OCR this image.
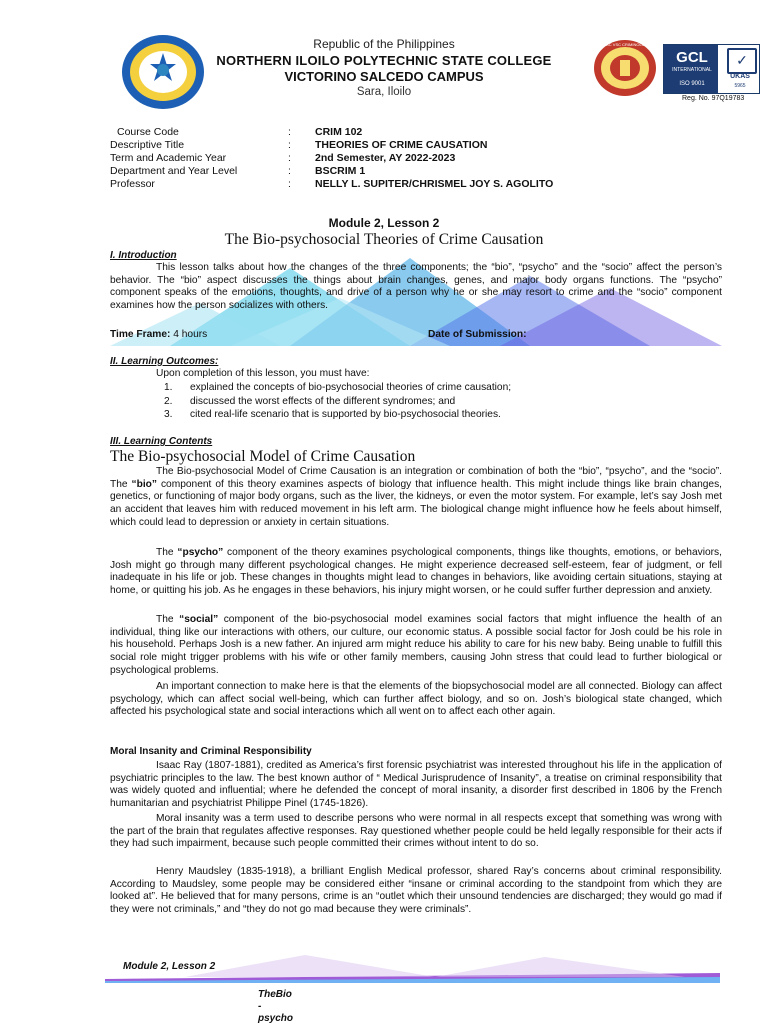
NIPSC VSC CRIMINOLOGY
GCL
INTERNATIONAL
ISO 9001
✓
UKAS
5965
Reg. No. 97Q19783
Republic of the Philippines
NORTHERN ILOILO POLYTECHNIC STATE COLLEGE
VICTORINO SALCEDO CAMPUS
Sara, Iloilo
Course Code	: CRIM 102
Descriptive Title	: THEORIES OF CRIME CAUSATION
Term and Academic Year	: 2nd Semester, AY 2022-2023
Department and Year Level	: BSCRIM 1
Professor	: NELLY L. SUPITER/CHRISMEL JOY S. AGOLITO
Module 2, Lesson 2
The Bio-psychosocial Theories of Crime Causation
I. Introduction
This lesson talks about how the changes of the three components; the “bio”, “psycho” and the “socio” affect the person’s behavior. The “bio” aspect discusses the things about brain changes, genes, and major body organs functions. The “psycho” component speaks of the emotions, thoughts, and drive of a person why he or she may resort to crime and the “socio” component examines how the person socializes with others.
Time Frame: 4 hours	Date of Submission:
II. Learning Outcomes:
Upon completion of this lesson, you must have:
1. explained the concepts of bio-psychosocial theories of crime causation;
2. discussed the worst effects of the different syndromes; and
3. cited real-life scenario that is supported by bio-psychosocial theories.
III. Learning Contents
The Bio-psychosocial Model of Crime Causation
The Bio-psychosocial Model of Crime Causation is an integration or combination of both the “bio”, “psycho”, and the “socio”. The “bio” component of this theory examines aspects of biology that influence health. This might include things like brain changes, genetics, or functioning of major body organs, such as the liver, the kidneys, or even the motor system. For example, let’s say Josh met an accident that leaves him with reduced movement in his left arm. The biological change might influence how he feels about himself, which could lead to depression or anxiety in certain situations.
The “psycho” component of the theory examines psychological components, things like thoughts, emotions, or behaviors, Josh might go through many different psychological changes. He might experience decreased self-esteem, fear of judgment, or fell inadequate in his life or job. These changes in thoughts might lead to changes in behaviors, like avoiding certain situations, staying at home, or quitting his job. As he engages in these behaviors, his injury might worsen, or he could suffer further depression and anxiety.
The “social” component of the bio-psychosocial model examines social factors that might influence the health of an individual, thing like our interactions with others, our culture, our economic status. A possible social factor for Josh could be his role in his household. Perhaps Josh is a new father. An injured arm might reduce his ability to care for his new baby. Being unable to fulfill this social role might trigger problems with his wife or other family members, causing John stress that could lead to further biological or psychological problems.
An important connection to make here is that the elements of the biopsychosocial model are all connected. Biology can affect psychology, which can affect social well-being, which can further affect biology, and so on. Josh’s biological state changed, which affected his psychological state and social interactions which all went on to affect each other again.
Moral Insanity and Criminal Responsibility
Isaac Ray (1807-1881), credited as America’s first forensic psychiatrist was interested throughout his life in the application of psychiatric principles to the law. The best known author of “ Medical Jurisprudence of Insanity”, a treatise on criminal responsibility that was widely quoted and influential; where he defended the concept of moral insanity, a disorder first described in 1806 by the French humanitarian and psychiatrist Philippe Pinel (1745-1826).
Moral insanity was a term used to describe persons who were normal in all respects except that something was wrong with the part of the brain that regulates affective responses. Ray questioned whether people could be held legally responsible for their acts if they had such impairment, because such people committed their crimes without intent to do so.
Henry Maudsley (1835-1918), a brilliant English Medical professor, shared Ray’s concerns about criminal responsibility. According to Maudsley, some people may be considered either “insane or criminal according to the standpoint from which they are looked at”. He believed that for many persons, crime is an “outlet which their unsound tendencies are discharged; they would go mad if they were not criminals,” and “they do not go mad because they were criminals”.
Module 2, Lesson 2
TheBio
-
psycho
